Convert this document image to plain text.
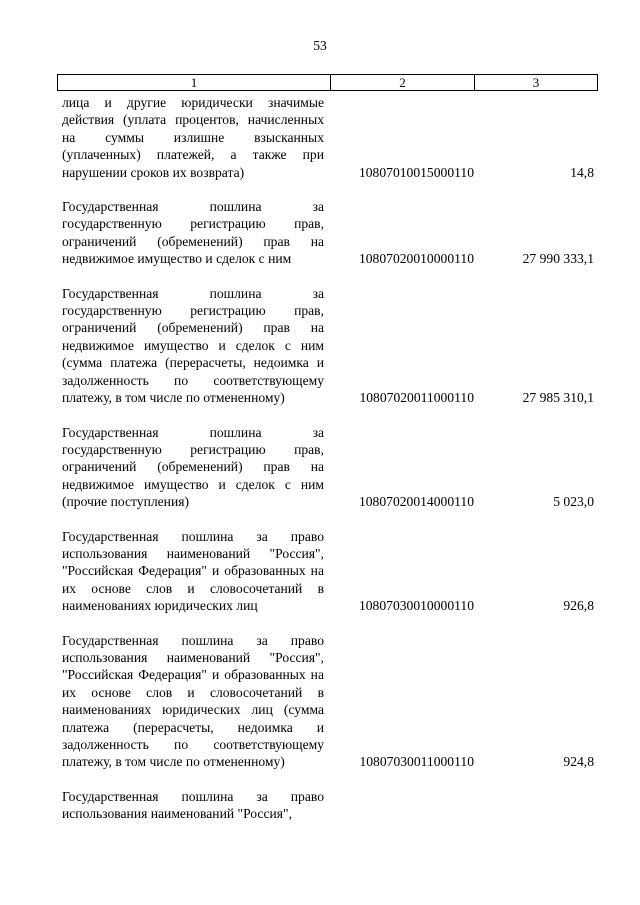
53
1	2	3
лица и другие юридически значимые действия (уплата процентов, начисленных на суммы излишне взысканных (уплаченных) платежей, а также при нарушении сроков их возврата)	10807010015000110	14,8
Государственная пошлина за государственную регистрацию прав, ограничений (обременений) прав на недвижимое имущество и сделок с ним	10807020010000110	27 990 333,1
Государственная пошлина за государственную регистрацию прав, ограничений (обременений) прав на недвижимое имущество и сделок с ним (сумма платежа (перерасчеты, недоимка и задолженность по соответствующему платежу, в том числе по отмененному)	10807020011000110	27 985 310,1
Государственная пошлина за государственную регистрацию прав, ограничений (обременений) прав на недвижимое имущество и сделок с ним (прочие поступления)	10807020014000110	5 023,0
Государственная пошлина за право использования наименований "Россия", "Российская Федерация" и образованных на их основе слов и словосочетаний в наименованиях юридических лиц	10807030010000110	926,8
Государственная пошлина за право использования наименований "Россия", "Российская Федерация" и образованных на их основе слов и словосочетаний в наименованиях юридических лиц (сумма платежа (перерасчеты, недоимка и задолженность по соответствующему платежу, в том числе по отмененному)	10807030011000110	924,8
Государственная пошлина за право использования наименований "Россия",
